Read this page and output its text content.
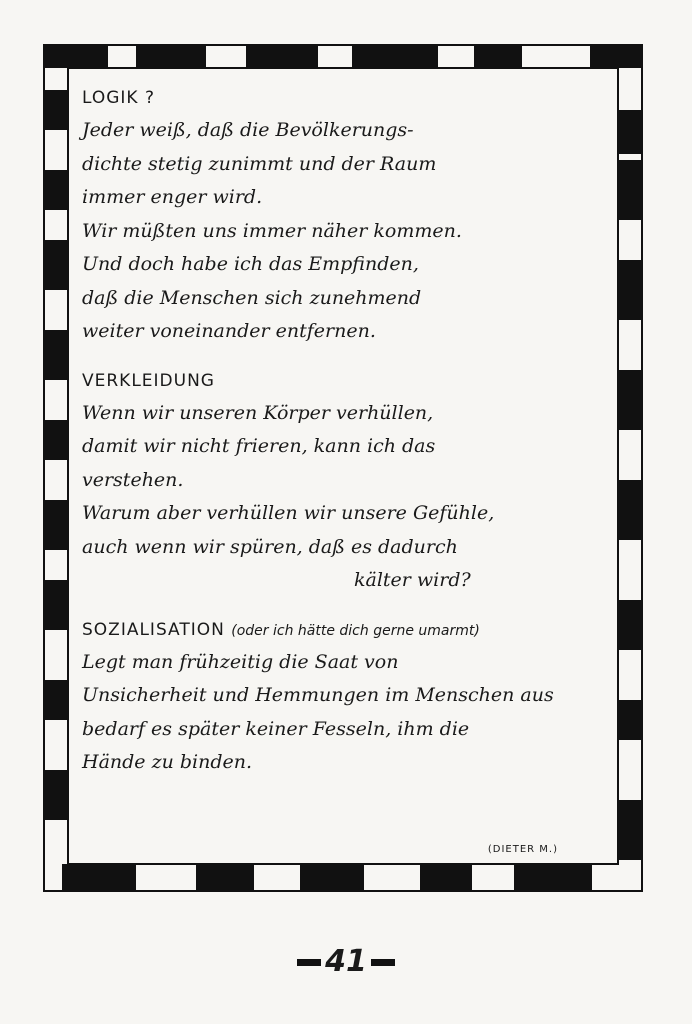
LOGIK ?

Jeder weiß, daß die Bevölkerungs-

dichte stetig zunimmt und der Raum

immer enger wird.

Wir müßten uns immer näher kommen.

Und doch habe ich das Empfinden,

daß die Menschen sich zunehmend

weiter voneinander entfernen.

VERKLEIDUNG

Wenn wir unseren Körper verhüllen,

damit wir nicht frieren, kann ich das

verstehen.

Warum aber verhüllen wir unsere Gefühle,

auch wenn wir spüren, daß es dadurch

kälter wird?

SOZIALISATION (oder ich hätte dich gerne umarmt)

Legt man frühzeitig die Saat von

Unsicherheit und Hemmungen im Menschen aus

bedarf es später keiner Fesseln, ihm die

Hände zu binden.

(DIETER M.)
41
